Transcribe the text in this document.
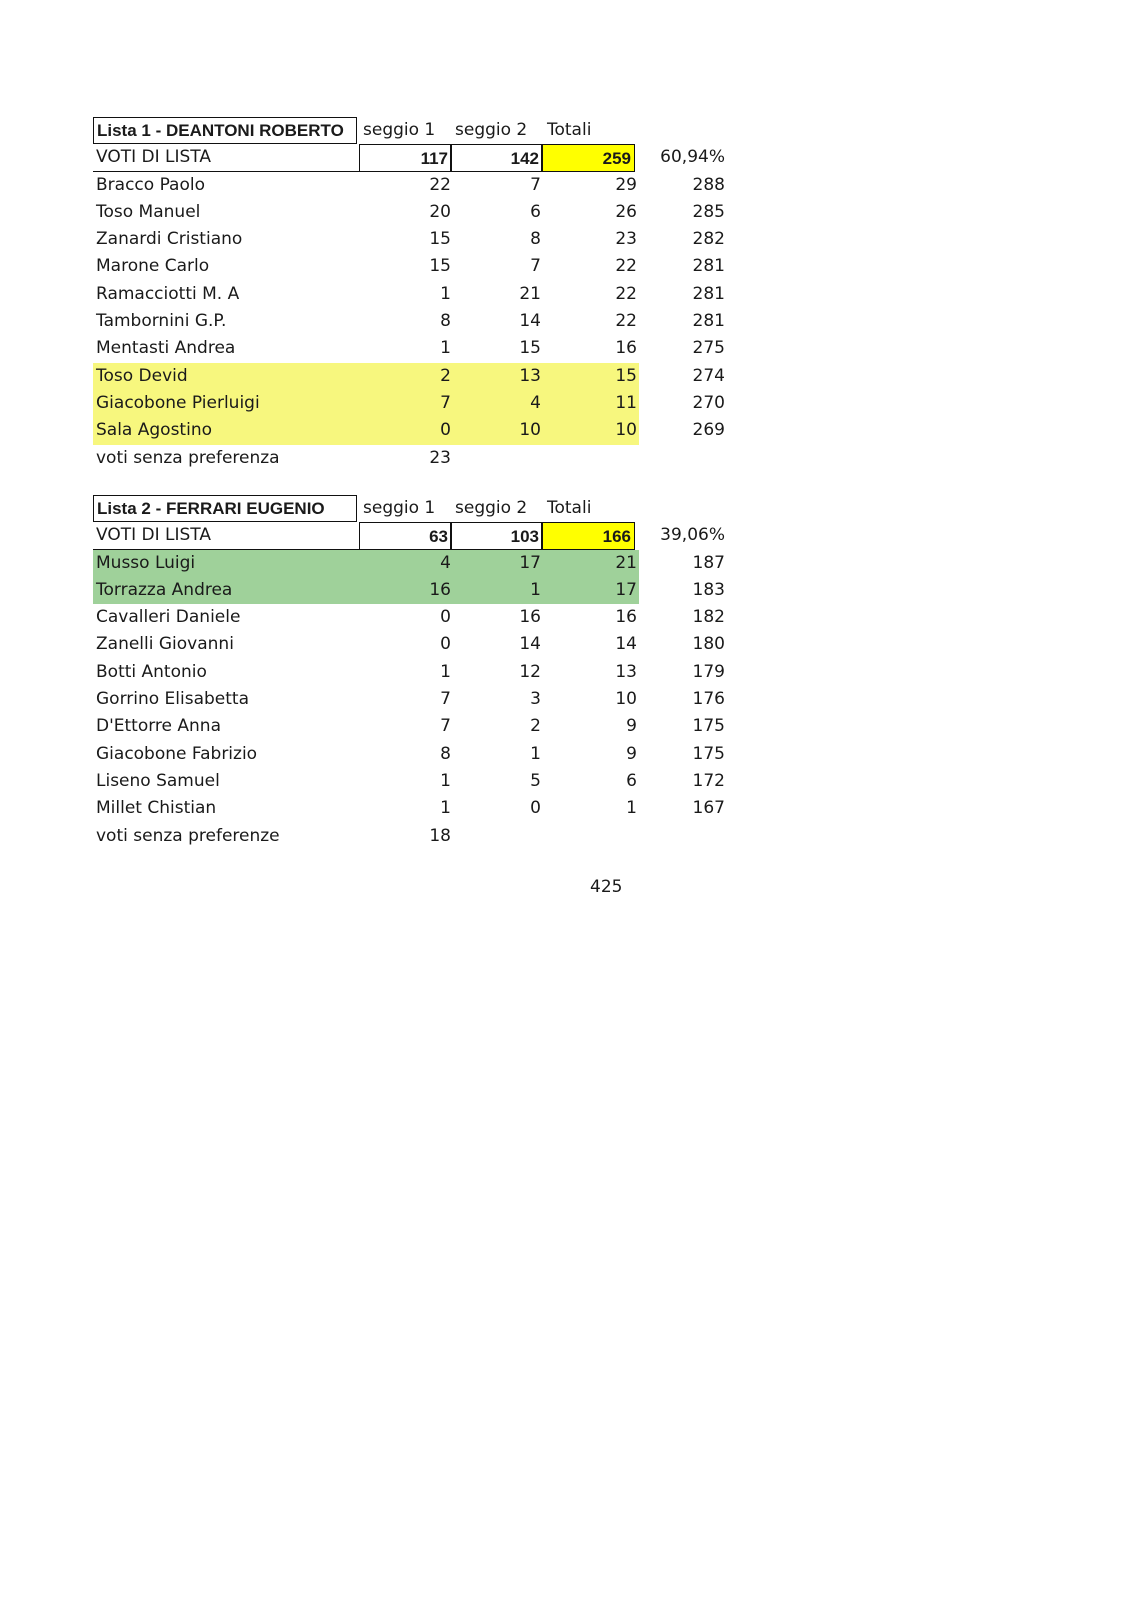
Lista 1 - DEANTONI ROBERTO	seggio 1 seggio 2 Totali
VOTI DI LISTA	117	142	259	60,94%
Bracco Paolo	22	7	29	288
Toso Manuel	20	6	26	285
Zanardi Cristiano	15	8	23	282
Marone Carlo	15	7	22	281
Ramacciotti M. A	1	21	22	281
Tambornini G.P.	8	14	22	281
Mentasti Andrea	1	15	16	275
Toso Devid	2	13	15	274
Giacobone Pierluigi	7	4	11	270
Sala Agostino	0	10	10	269
voti senza preferenza	23
Lista 2 - FERRARI EUGENIO	seggio 1 seggio 2 Totali
VOTI DI LISTA	63	103	166	39,06%
Musso Luigi	4	17	21	187
Torrazza Andrea	16	1	17	183
Cavalleri Daniele	0	16	16	182
Zanelli Giovanni	0	14	14	180
Botti Antonio	1	12	13	179
Gorrino Elisabetta	7	3	10	176
D'Ettorre Anna	7	2	9	175
Giacobone Fabrizio	8	1	9	175
Liseno Samuel	1	5	6	172
Millet Chistian	1	0	1	167
voti senza preferenze	18
425
